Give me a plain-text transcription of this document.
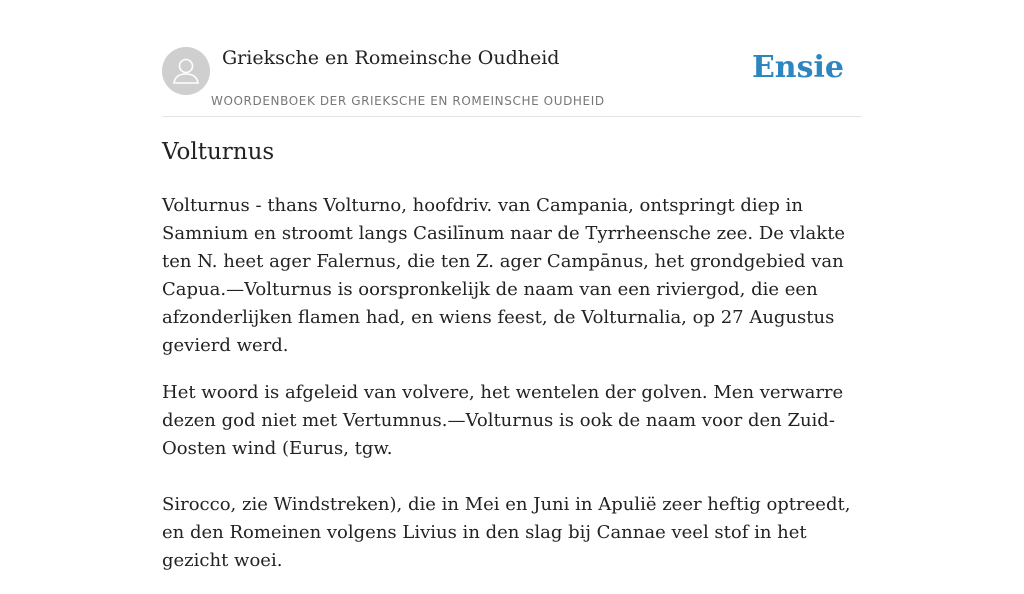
Grieksche en Romeinsche Oudheid
WOORDENBOEK DER GRIEKSCHE EN ROMEINSCHE OUDHEID
Ensie
Volturnus

Volturnus - thans Volturno, hoofdriv. van Campania, ontspringt diep in Samnium en stroomt langs Casilīnum naar de Tyrrheensche zee. De vlakte ten N. heet ager Falernus, die ten Z. ager Campānus, het grondgebied van Capua.—Volturnus is oorspronkelijk de naam van een riviergod, die een afzonderlijken flamen had, en wiens feest, de Volturnalia, op 27 Augustus gevierd werd.

Het woord is afgeleid van volvere, het wentelen der golven. Men verwarre dezen god niet met Vertumnus.—Volturnus is ook de naam voor den Zuid-Oosten wind (Eurus, tgw.

Sirocco, zie Windstreken), die in Mei en Juni in Apulië zeer heftig optreedt, en den Romeinen volgens Livius in den slag bij Cannae veel stof in het gezicht woei.
